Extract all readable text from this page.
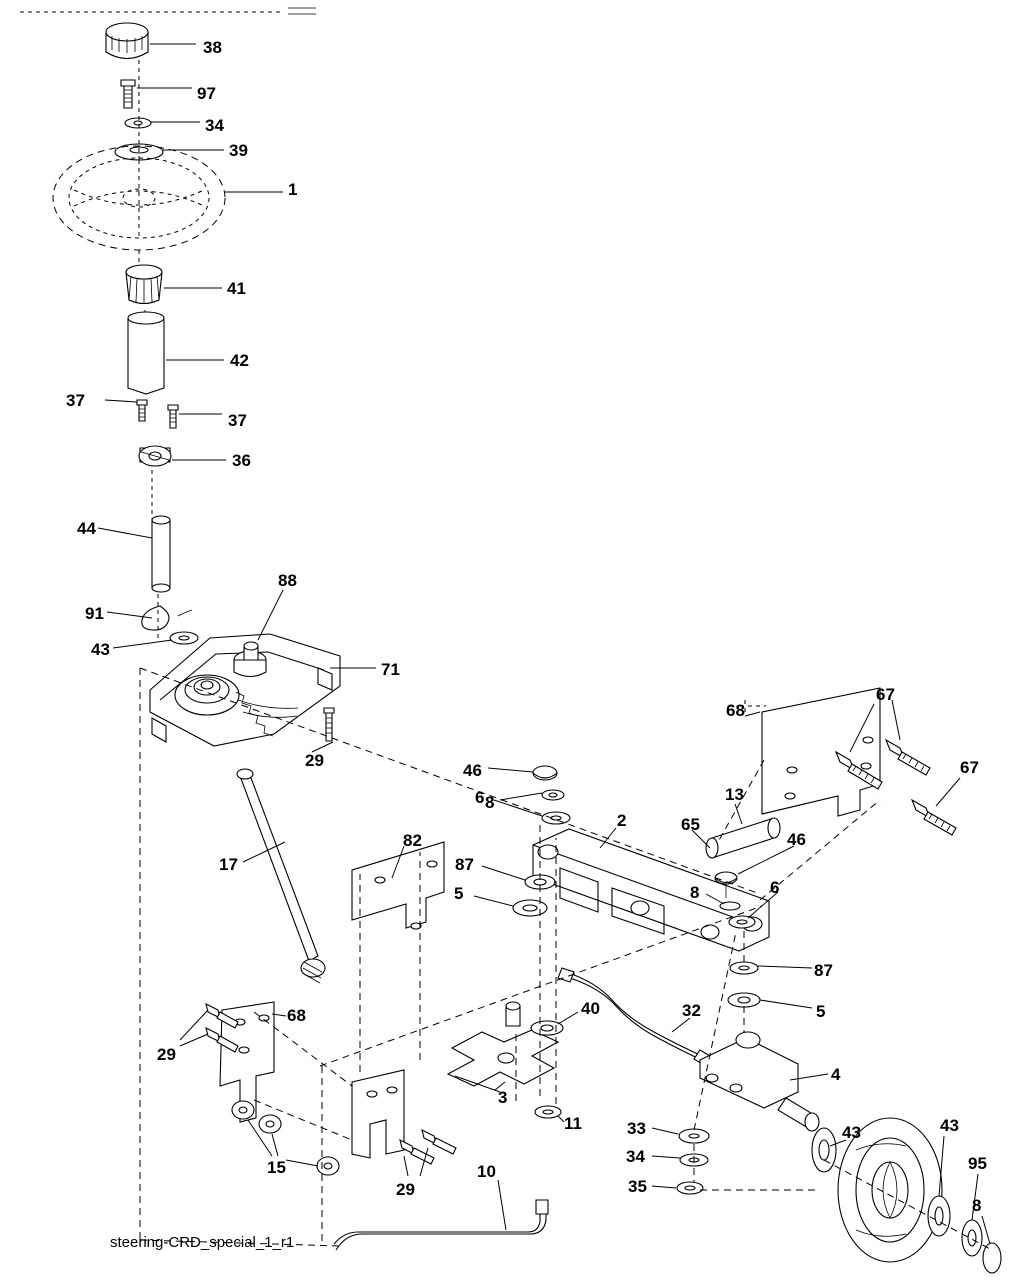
38
97
34
39
1
41
42
37
37
36
44
88
91
43
71
68
67
67
29
46
8
6	13
2	65
46
82
17	87
8	6
5
87
40
68	32	5
29
4
3
11	43
33	43
34
15
29
10
35
95
8
steering-CRD_special_1_r1
